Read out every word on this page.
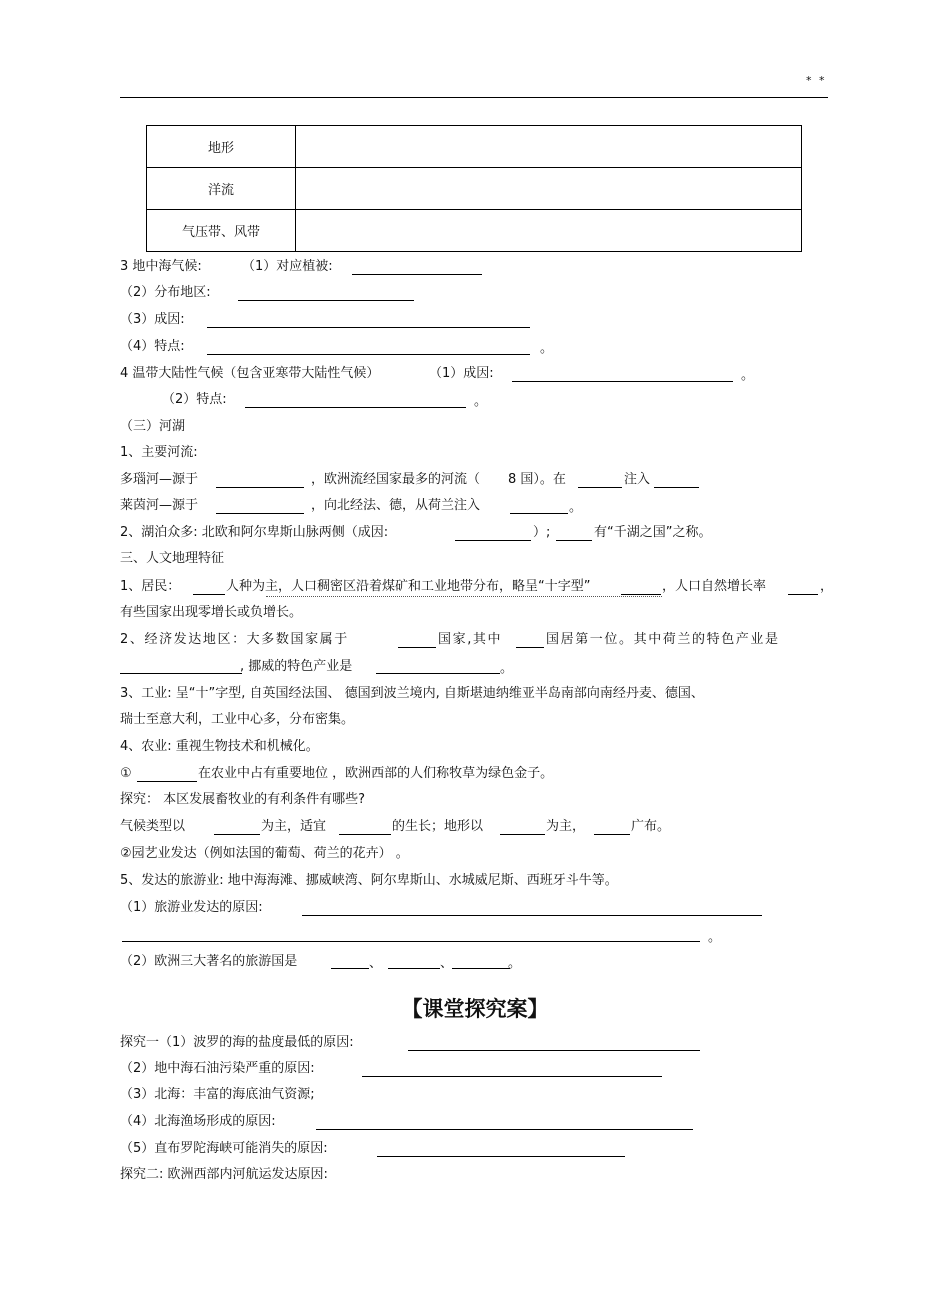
* *
地形	
洋流	
气压带、风带	
3 地中海气候:	（1）对应植被:
（2）分布地区:
（3）成因:
（4）特点:	。
4 温带大陆性气候（包含亚寒带大陆性气候）	（1）成因:	。
（2）特点:	。
（三）河湖
1、主要河流:
多瑙河—源于	，欧洲流经国家最多的河流（ 8 国）。在	注入
莱茵河—源于	，向北经法、德，从荷兰注入	。
2、湖泊众多: 北欧和阿尔卑斯山脉两侧（成因:	）;	有“千湖之国”之称。
三、人文地理特征
1、居民：	人种为主，人口稠密区沿着煤矿和工业地带分布，略呈“十字型”	，人口自然增长率	，
有些国家出现零增长或负增长。
2、经济发达地区：大多数国家属于	国家,其中	国居第一位。其中荷兰的特色产业是
, 挪威的特色产业是	。
3、工业: 呈“十”字型, 自英国经法国、 德国到波兰境内, 自斯堪迪纳维亚半岛南部向南经丹麦、德国、
瑞士至意大利，工业中心多，分布密集。
4、农业: 重视生物技术和机械化。
①	在农业中占有重要地位 ，欧洲西部的人们称牧草为绿色金子。
探究： 本区发展畜牧业的有利条件有哪些?
气候类型以	为主，适宜	的生长；地形以	为主，	广布。
②园艺业发达（例如法国的葡萄、荷兰的花卉） 。
5、发达的旅游业: 地中海海滩、挪威峡湾、阿尔卑斯山、水城威尼斯、西班牙斗牛等。
（1）旅游业发达的原因:
。
（2）欧洲三大著名的旅游国是	、	、	。
【课堂探究案】
探究一（1）波罗的海的盐度最低的原因:
（2）地中海石油污染严重的原因:
（3）北海：丰富的海底油气资源;
（4）北海渔场形成的原因:
（5）直布罗陀海峡可能消失的原因:
探究二: 欧洲西部内河航运发达原因:
